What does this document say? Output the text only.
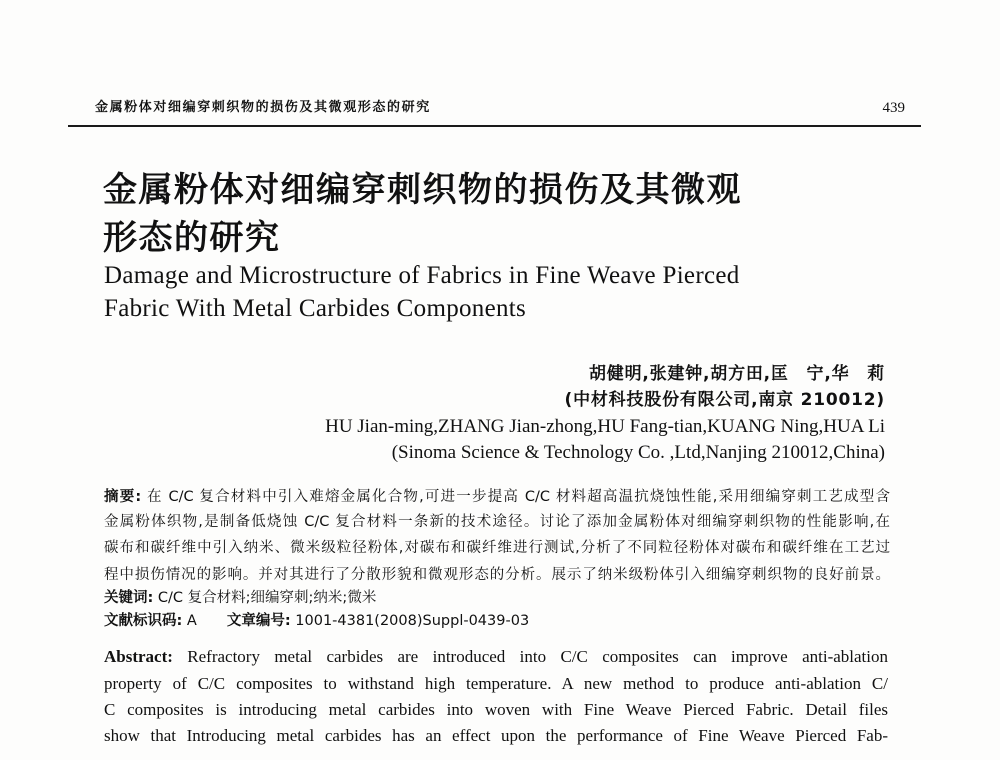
金属粉体对细编穿刺织物的损伤及其微观形态的研究	439
金属粉体对细编穿刺织物的损伤及其微观
形态的研究
Damage and Microstructure of Fabrics in Fine Weave Pierced
Fabric With Metal Carbides Components
胡健明,张建钟,胡方田,匡　宁,华　莉
(中材科技股份有限公司,南京 210012)
HU Jian-ming,ZHANG Jian-zhong,HU Fang-tian,KUANG Ning,HUA Li
(Sinoma Science & Technology Co. ,Ltd,Nanjing 210012,China)
摘要: 在 C/C 复合材料中引入难熔金属化合物,可进一步提高 C/C 材料超高温抗烧蚀性能,采用细编穿刺工艺成型含
金属粉体织物,是制备低烧蚀 C/C 复合材料一条新的技术途径。讨论了添加金属粉体对细编穿刺织物的性能影响,在
碳布和碳纤维中引入纳米、微米级粒径粉体,对碳布和碳纤维进行测试,分析了不同粒径粉体对碳布和碳纤维在工艺过
程中损伤情况的影响。并对其进行了分散形貌和微观形态的分析。展示了纳米级粉体引入细编穿刺织物的良好前景。
关键词: C/C 复合材料;细编穿刺;纳米;微米
文献标识码: A 文章编号: 1001-4381(2008)Suppl-0439-03
Abstract: Refractory metal carbides are introduced into C/C composites can improve anti-ablation
property of C/C composites to withstand high temperature. A new method to produce anti-ablation C/
C composites is introducing metal carbides into woven with Fine Weave Pierced Fabric. Detail files
show that Introducing metal carbides has an effect upon the performance of Fine Weave Pierced Fab-
